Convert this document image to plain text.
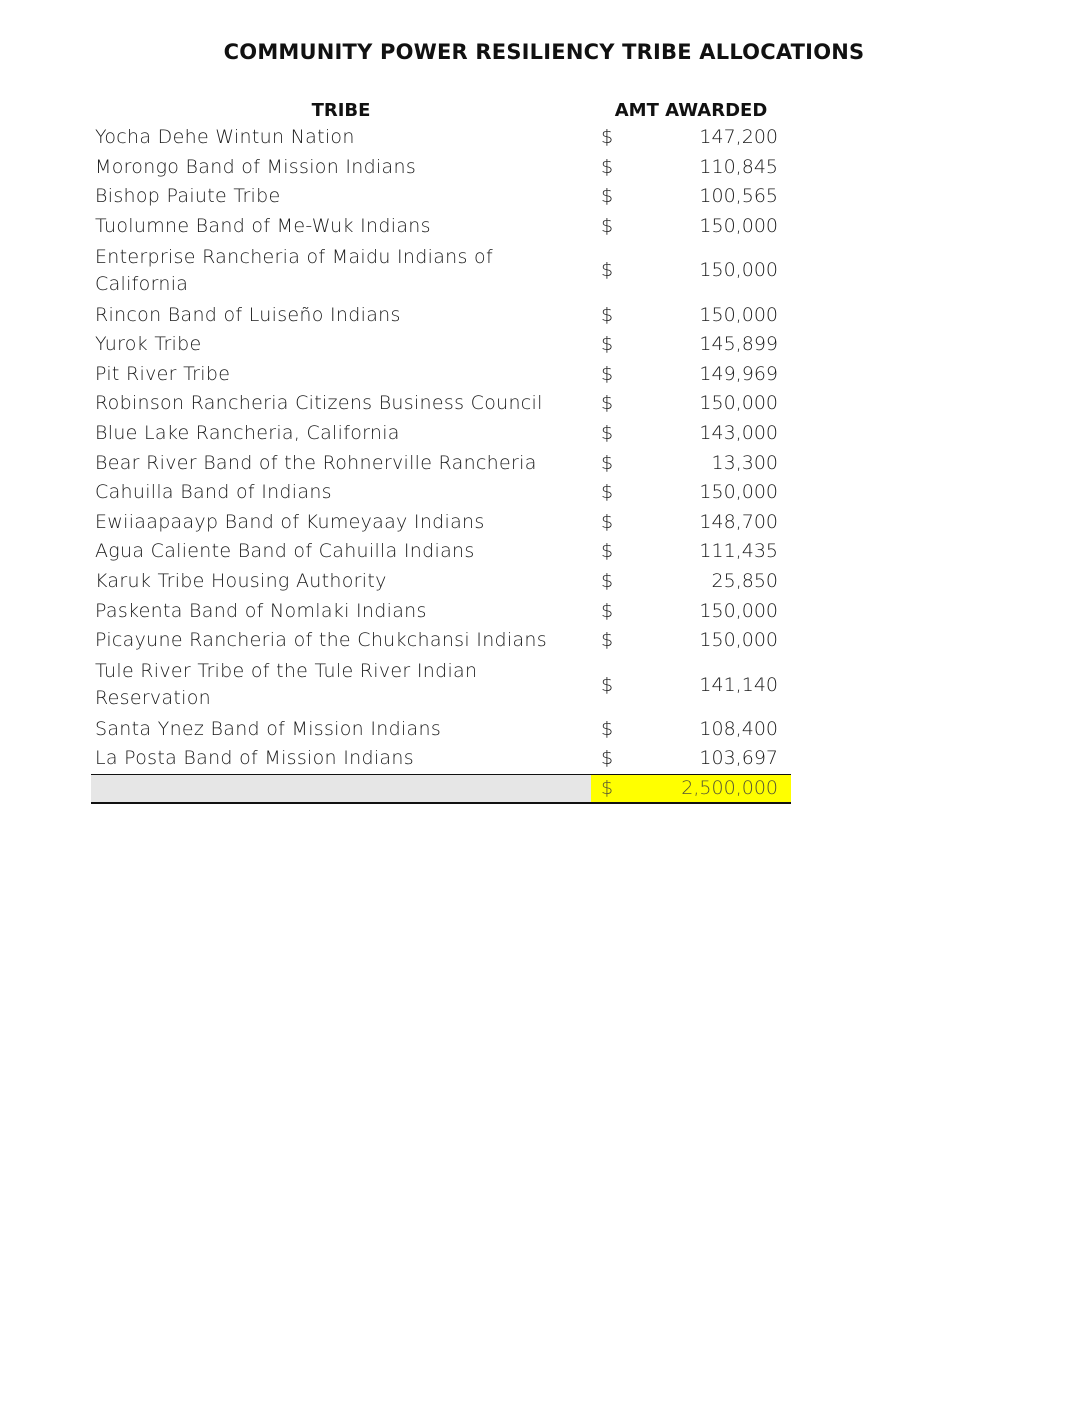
COMMUNITY POWER RESILIENCY TRIBE ALLOCATIONS
TRIBE	AMT AWARDED	
Yocha Dehe Wintun Nation	$	147,200
Morongo Band of Mission Indians	$	110,845
Bishop Paiute Tribe	$	100,565
Tuolumne Band of Me-Wuk Indians	$	150,000
Enterprise Rancheria of Maidu Indians of California	$	150,000
Rincon Band of Luiseño Indians	$	150,000
Yurok Tribe	$	145,899
Pit River Tribe	$	149,969
Robinson Rancheria Citizens Business Council	$	150,000
Blue Lake Rancheria, California	$	143,000
Bear River Band of the Rohnerville Rancheria	$	13,300
Cahuilla Band of Indians	$	150,000
Ewiiaapaayp Band of Kumeyaay Indians	$	148,700
Agua Caliente Band of Cahuilla Indians	$	111,435
Karuk Tribe Housing Authority	$	25,850
Paskenta Band of Nomlaki Indians	$	150,000
Picayune Rancheria of the Chukchansi Indians	$	150,000
Tule River Tribe of the Tule River Indian Reservation	$	141,140
Santa Ynez Band of Mission Indians	$	108,400
La Posta Band of Mission Indians	$	103,697
	$	2,500,000
